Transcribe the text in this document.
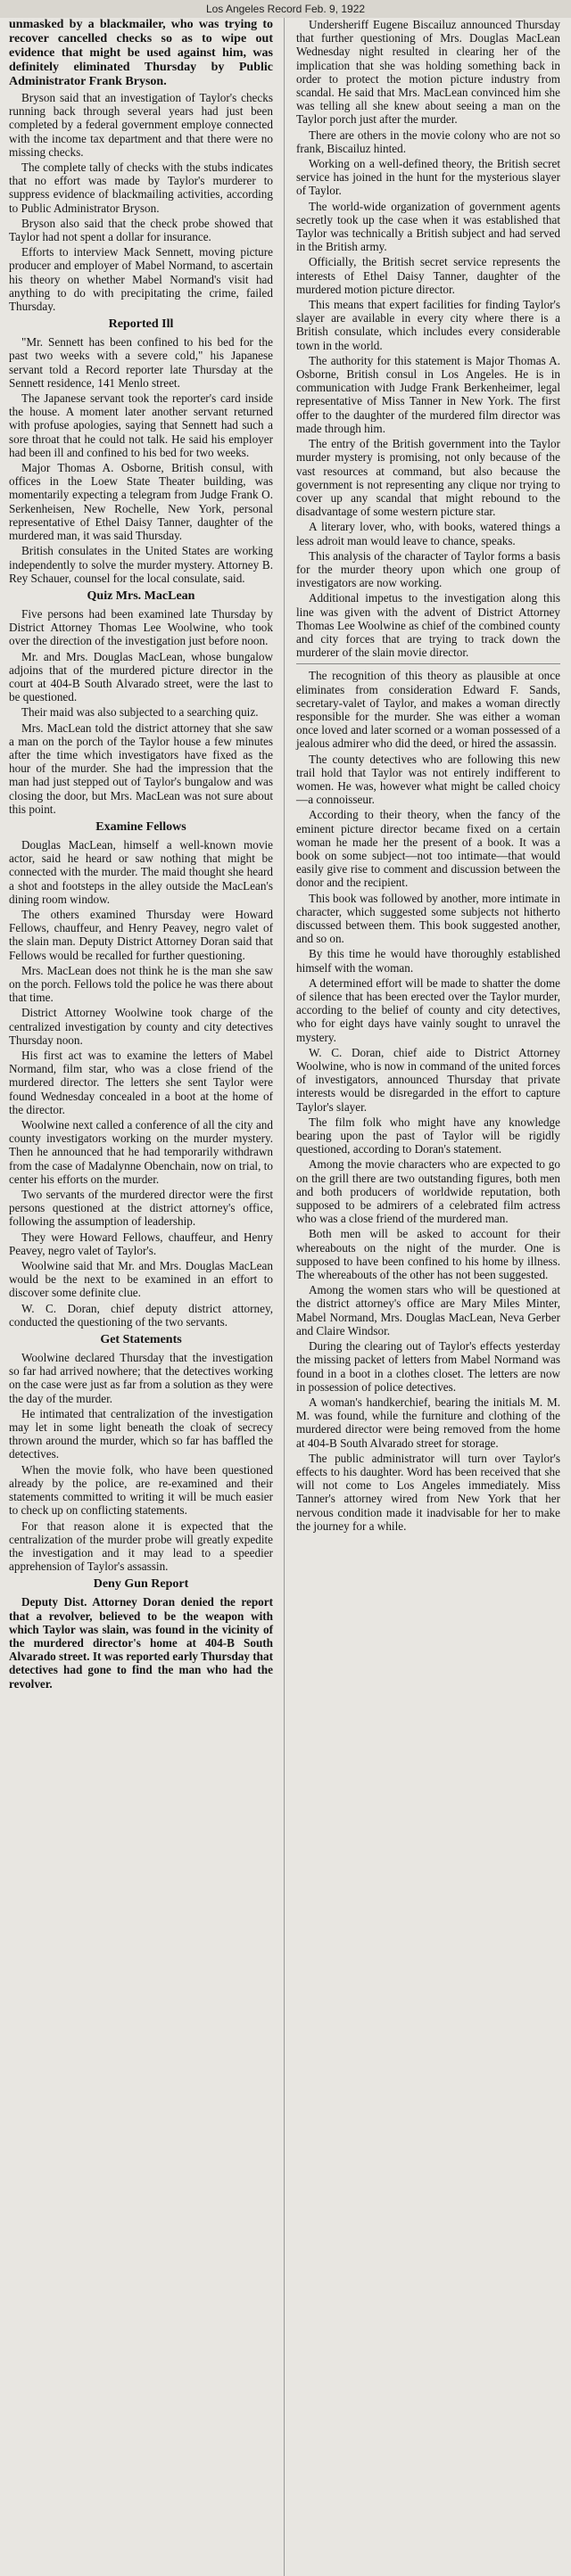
Los Angeles Record Feb. 9, 1922

unmasked by a blackmailer, who was trying to recover cancelled checks so as to wipe out evidence that might be used against him, was definitely eliminated Thursday by Public Administrator Frank Bryson.

Bryson said that an investigation of Taylor's checks running back through several years had just been completed by a federal government employe connected with the income tax department and that there were no missing checks.

The complete tally of checks with the stubs indicates that no effort was made by Taylor's murderer to suppress evidence of blackmailing activities, according to Public Administrator Bryson.

Bryson also said that the check probe showed that Taylor had not spent a dollar for insurance.

Efforts to interview Mack Sennett, moving picture producer and employer of Mabel Normand, to ascertain his theory on whether Mabel Normand's visit had anything to do with precipitating the crime, failed Thursday.

Reported Ill

"Mr. Sennett has been confined to his bed for the past two weeks with a severe cold," his Japanese servant told a Record reporter late Thursday at the Sennett residence, 141 Menlo street.

The Japanese servant took the reporter's card inside the house. A moment later another servant returned with profuse apologies, saying that Sennett had such a sore throat that he could not talk. He said his employer had been ill and confined to his bed for two weeks.

Major Thomas A. Osborne, British consul, with offices in the Loew State Theater building, was momentarily expecting a telegram from Judge Frank O. Serkenheisen, New Rochelle, New York, personal representative of Ethel Daisy Tanner, daughter of the murdered man, it was said Thursday.

British consulates in the United States are working independently to solve the murder mystery. Attorney B. Rey Schauer, counsel for the local consulate, said.

Quiz Mrs. MacLean

Five persons had been examined late Thursday by District Attorney Thomas Lee Woolwine, who took over the direction of the investigation just before noon.

Mr. and Mrs. Douglas MacLean, whose bungalow adjoins that of the murdered picture director in the court at 404-B South Alvarado street, were the last to be questioned.

Their maid was also subjected to a searching quiz.

Mrs. MacLean told the district attorney that she saw a man on the porch of the Taylor house a few minutes after the time which investigators have fixed as the hour of the murder. She had the impression that the man had just stepped out of Taylor's bungalow and was closing the door, but Mrs. MacLean was not sure about this point.

Examine Fellows

Douglas MacLean, himself a well-known movie actor, said he heard or saw nothing that might be connected with the murder. The maid thought she heard a shot and footsteps in the alley outside the MacLean's dining room window.

The others examined Thursday were Howard Fellows, chauffeur, and Henry Peavey, negro valet of the slain man. Deputy District Attorney Doran said that Fellows would be recalled for further questioning.

Mrs. MacLean does not think he is the man she saw on the porch. Fellows told the police he was there about that time.

District Attorney Woolwine took charge of the centralized investigation by county and city detectives Thursday noon.

His first act was to examine the letters of Mabel Normand, film star, who was a close friend of the murdered director. The letters she sent Taylor were found Wednesday concealed in a boot at the home of the director.

Woolwine next called a conference of all the city and county investigators working on the murder mystery. Then he announced that he had temporarily withdrawn from the case of Madalynne Obenchain, now on trial, to center his efforts on the murder.

Two servants of the murdered director were the first persons questioned at the district attorney's office, following the assumption of leadership.

They were Howard Fellows, chauffeur, and Henry Peavey, negro valet of Taylor's.

Woolwine said that Mr. and Mrs. Douglas MacLean would be the next to be examined in an effort to discover some definite clue.

W. C. Doran, chief deputy district attorney, conducted the questioning of the two servants.

Get Statements

Woolwine declared Thursday that the investigation so far had arrived nowhere; that the detectives working on the case were just as far from a solution as they were the day of the murder.

He intimated that centralization of the investigation may let in some light beneath the cloak of secrecy thrown around the murder, which so far has baffled the detectives.

When the movie folk, who have been questioned already by the police, are re-examined and their statements committed to writing it will be much easier to check up on conflicting statements.

For that reason alone it is expected that the centralization of the murder probe will greatly expedite the investigation and it may lead to a speedier apprehension of Taylor's assassin.

Deny Gun Report

Deputy Dist. Attorney Doran denied the report that a revolver, believed to be the weapon with which Taylor was slain, was found in the vicinity of the murdered director's home at 404-B South Alvarado street. It was reported early Thursday that detectives had gone to find the man who had the revolver.

Undersheriff Eugene Biscailuz announced Thursday that further questioning of Mrs. Douglas MacLean Wednesday night resulted in clearing her of the implication that she was holding something back in order to protect the motion picture industry from scandal. He said that Mrs. MacLean convinced him she was telling all she knew about seeing a man on the Taylor porch just after the murder.

There are others in the movie colony who are not so frank, Biscailuz hinted.

Working on a well-defined theory, the British secret service has joined in the hunt for the mysterious slayer of Taylor.

The world-wide organization of government agents secretly took up the case when it was established that Taylor was technically a British subject and had served in the British army.

Officially, the British secret service represents the interests of Ethel Daisy Tanner, daughter of the murdered motion picture director.

This means that expert facilities for finding Taylor's slayer are available in every city where there is a British consulate, which includes every considerable town in the world.

The authority for this statement is Major Thomas A. Osborne, British consul in Los Angeles. He is in communication with Judge Frank Berkenheimer, legal representative of Miss Tanner in New York. The first offer to the daughter of the murdered film director was made through him.

The entry of the British government into the Taylor murder mystery is promising, not only because of the vast resources at command, but also because the government is not representing any clique nor trying to cover up any scandal that might rebound to the disadvantage of some western picture star.

A literary lover, who, with books, watered things a less adroit man would leave to chance, speaks.

This analysis of the character of Taylor forms a basis for the murder theory upon which one group of investigators are now working.

Additional impetus to the investigation along this line was given with the advent of District Attorney Thomas Lee Woolwine as chief of the combined county and city forces that are trying to track down the murderer of the slain movie director.

The recognition of this theory as plausible at once eliminates from consideration Edward F. Sands, secretary-valet of Taylor, and makes a woman directly responsible for the murder. She was either a woman once loved and later scorned or a woman possessed of a jealous admirer who did the deed, or hired the assassin.

The county detectives who are following this new trail hold that Taylor was not entirely indifferent to women. He was, however what might be called choicy—a connoisseur.

According to their theory, when the fancy of the eminent picture director became fixed on a certain woman he made her the present of a book. It was a book on some subject—not too intimate—that would easily give rise to comment and discussion between the donor and the recipient.

This book was followed by another, more intimate in character, which suggested some subjects not hitherto discussed between them. This book suggested another, and so on.

By this time he would have thoroughly established himself with the woman.

A determined effort will be made to shatter the dome of silence that has been erected over the Taylor murder, according to the belief of county and city detectives, who for eight days have vainly sought to unravel the mystery.

W. C. Doran, chief aide to District Attorney Woolwine, who is now in command of the united forces of investigators, announced Thursday that private interests would be disregarded in the effort to capture Taylor's slayer.

The film folk who might have any knowledge bearing upon the past of Taylor will be rigidly questioned, according to Doran's statement.

Among the movie characters who are expected to go on the grill there are two outstanding figures, both men and both producers of worldwide reputation, both supposed to be admirers of a celebrated film actress who was a close friend of the murdered man.

Both men will be asked to account for their whereabouts on the night of the murder. One is supposed to have been confined to his home by illness. The whereabouts of the other has not been suggested.

Among the women stars who will be questioned at the district attorney's office are Mary Miles Minter, Mabel Normand, Mrs. Douglas MacLean, Neva Gerber and Claire Windsor.

During the clearing out of Taylor's effects yesterday the missing packet of letters from Mabel Normand was found in a boot in a clothes closet. The letters are now in possession of police detectives.

A woman's handkerchief, bearing the initials M. M. M. was found, while the furniture and clothing of the murdered director were being removed from the home at 404-B South Alvarado street for storage.

The public administrator will turn over Taylor's effects to his daughter. Word has been received that she will not come to Los Angeles immediately. Miss Tanner's attorney wired from New York that her nervous condition made it inadvisable for her to make the journey for a while.
